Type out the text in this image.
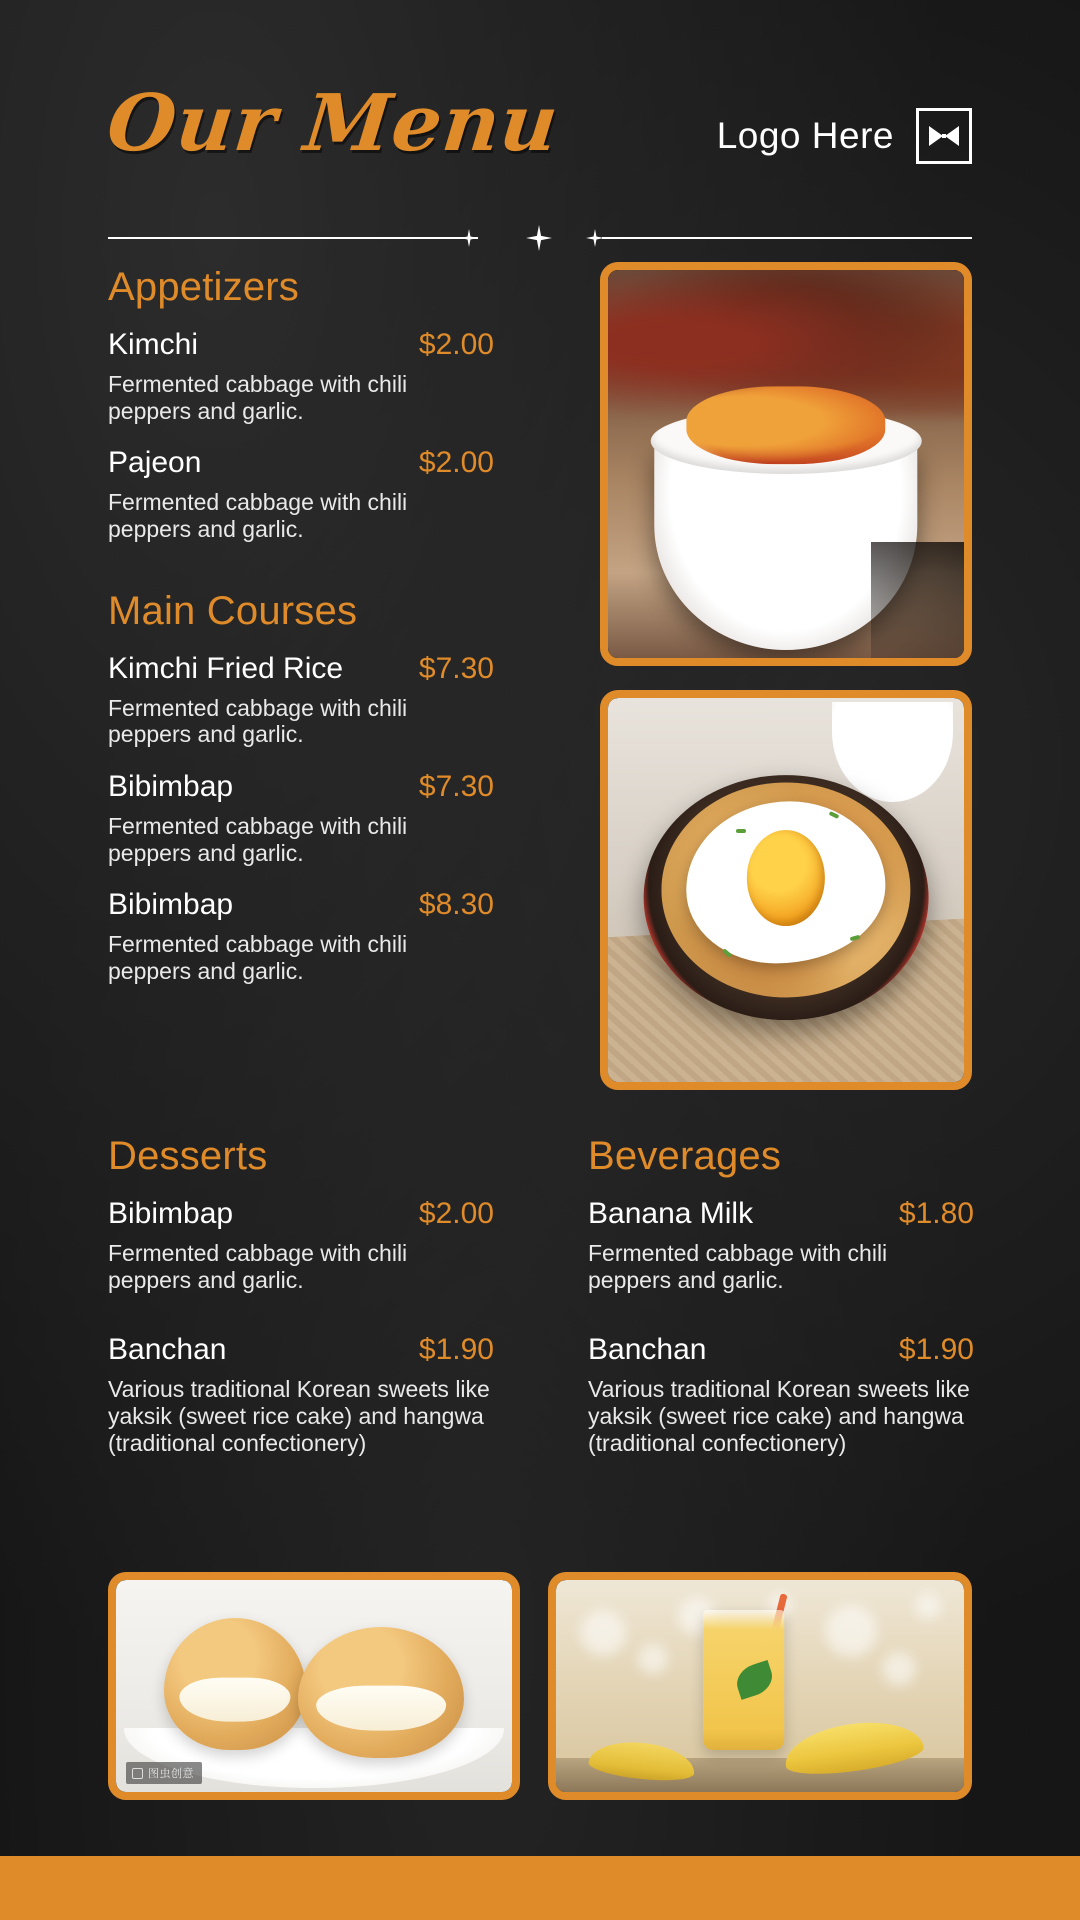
Our Menu	Logo Here
Appetizers
Kimchi	$2.00
Fermented cabbage with chili peppers and garlic.
Pajeon	$2.00
Fermented cabbage with chili peppers and garlic.
Main Courses
Kimchi Fried Rice	$7.30
Fermented cabbage with chili peppers and garlic.
Bibimbap	$7.30
Fermented cabbage with chili peppers and garlic.
Bibimbap	$8.30
Fermented cabbage with chili peppers and garlic.
Desserts
Bibimbap	$2.00
Fermented cabbage with chili peppers and garlic.
Banchan	$1.90
Various traditional Korean sweets like yaksik (sweet rice cake) and hangwa (traditional confectionery)
Beverages
Banana Milk	$1.80
Fermented cabbage with chili peppers and garlic.
Banchan	$1.90
Various traditional Korean sweets like yaksik (sweet rice cake) and hangwa (traditional confectionery)
图虫创意
